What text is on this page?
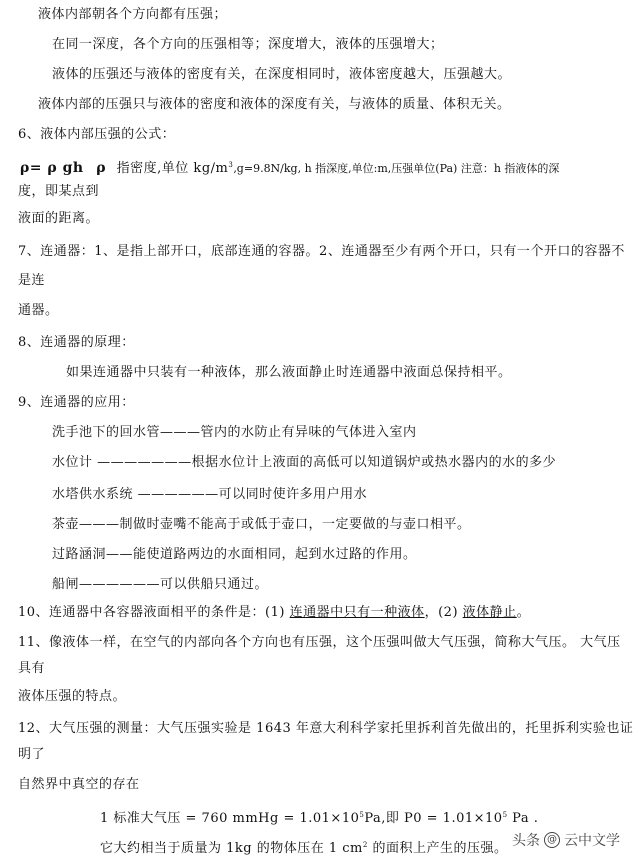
液体内部朝各个方向都有压强；
在同一深度，各个方向的压强相等；深度增大，液体的压强增大；
液体的压强还与液体的密度有关，在深度相同时，液体密度越大，压强越大。
液体内部的压强只与液体的密度和液体的深度有关，与液体的质量、体积无关。
6、液体内部压强的公式：
ρ= ρ gh ρ 指密度,单位 $kg/m^3,g=9.8N/kg$, h 指深度,单位:m,压强单位(Pa) 注意：h 指液体的深
度，即某点到
液面的距离。
7、连通器：1、是指上部开口，底部连通的容器。2、连通器至少有两个开口，只有一个开口的容器不
是连
通器。
8、连通器的原理：
如果连通器中只装有一种液体，那么液面静止时连通器中液面总保持相平。
9、连通器的应用：
洗手池下的回水管———管内的水防止有异味的气体进入室内
水位计 ———————根据水位计上液面的高低可以知道锅炉或热水器内的水的多少
水塔供水系统 ——————可以同时使许多用户用水
茶壶———制做时壶嘴不能高于或低于壶口，一定要做的与壶口相平。
过路涵洞——能使道路两边的水面相同，起到水过路的作用。
船闸——————可以供船只通过。
10、连通器中各容器液面相平的条件是：(1) 连通器中只有一种液体，(2) 液体静止。
11、像液体一样，在空气的内部向各个方向也有压强，这个压强叫做大气压强，简称大气压。 大气压
具有
液体压强的特点。
12、大气压强的测量：大气压强实验是 1643 年意大利科学家托里拆利首先做出的，托里拆利实验也证
明了
自然界中真空的存在
1 标准大气压 = 760 mmHg = $1.01\times 10^5Pa$,即 $P0 = 1.01\times 10^5$ Pa .
它大约相当于质量为 1kg 的物体压在 1 $cm^2$ 的面积上产生的压强。 头条 @ 云中文学
